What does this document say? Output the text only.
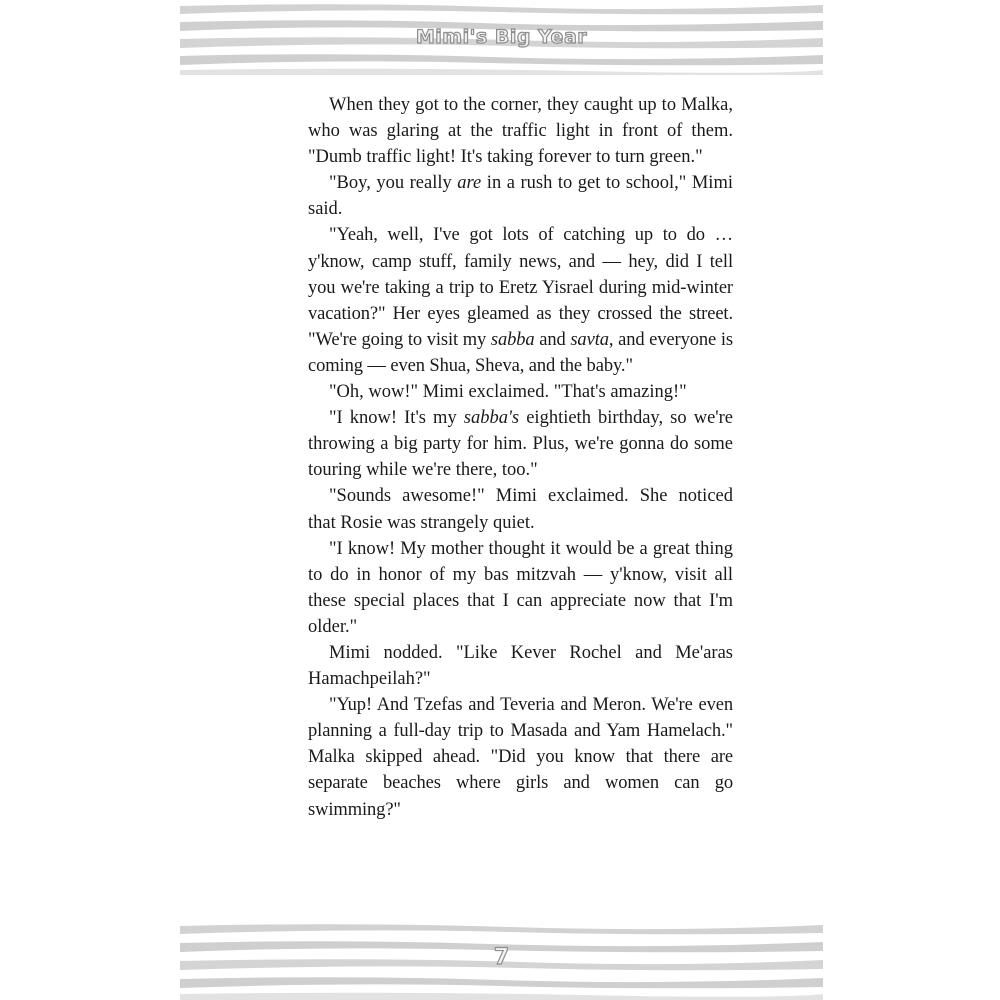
Mimi's Big Year

When they got to the corner, they caught up to Malka, who was glaring at the traffic light in front of them. "Dumb traffic light! It's taking forever to turn green."

"Boy, you really are in a rush to get to school," Mimi said.

"Yeah, well, I've got lots of catching up to do … y'know, camp stuff, family news, and — hey, did I tell you we're taking a trip to Eretz Yisrael during mid-winter vacation?" Her eyes gleamed as they crossed the street. "We're going to visit my sabba and savta, and everyone is coming — even Shua, Sheva, and the baby."

"Oh, wow!" Mimi exclaimed. "That's amazing!"

"I know! It's my sabba's eightieth birthday, so we're throwing a big party for him. Plus, we're gonna do some touring while we're there, too."

"Sounds awesome!" Mimi exclaimed. She noticed that Rosie was strangely quiet.

"I know! My mother thought it would be a great thing to do in honor of my bas mitzvah — y'know, visit all these special places that I can appreciate now that I'm older."

Mimi nodded. "Like Kever Rochel and Me'aras Hamachpeilah?"

"Yup! And Tzefas and Teveria and Meron. We're even planning a full-day trip to Masada and Yam Hamelach." Malka skipped ahead. "Did you know that there are separate beaches where girls and women can go swimming?"

7
